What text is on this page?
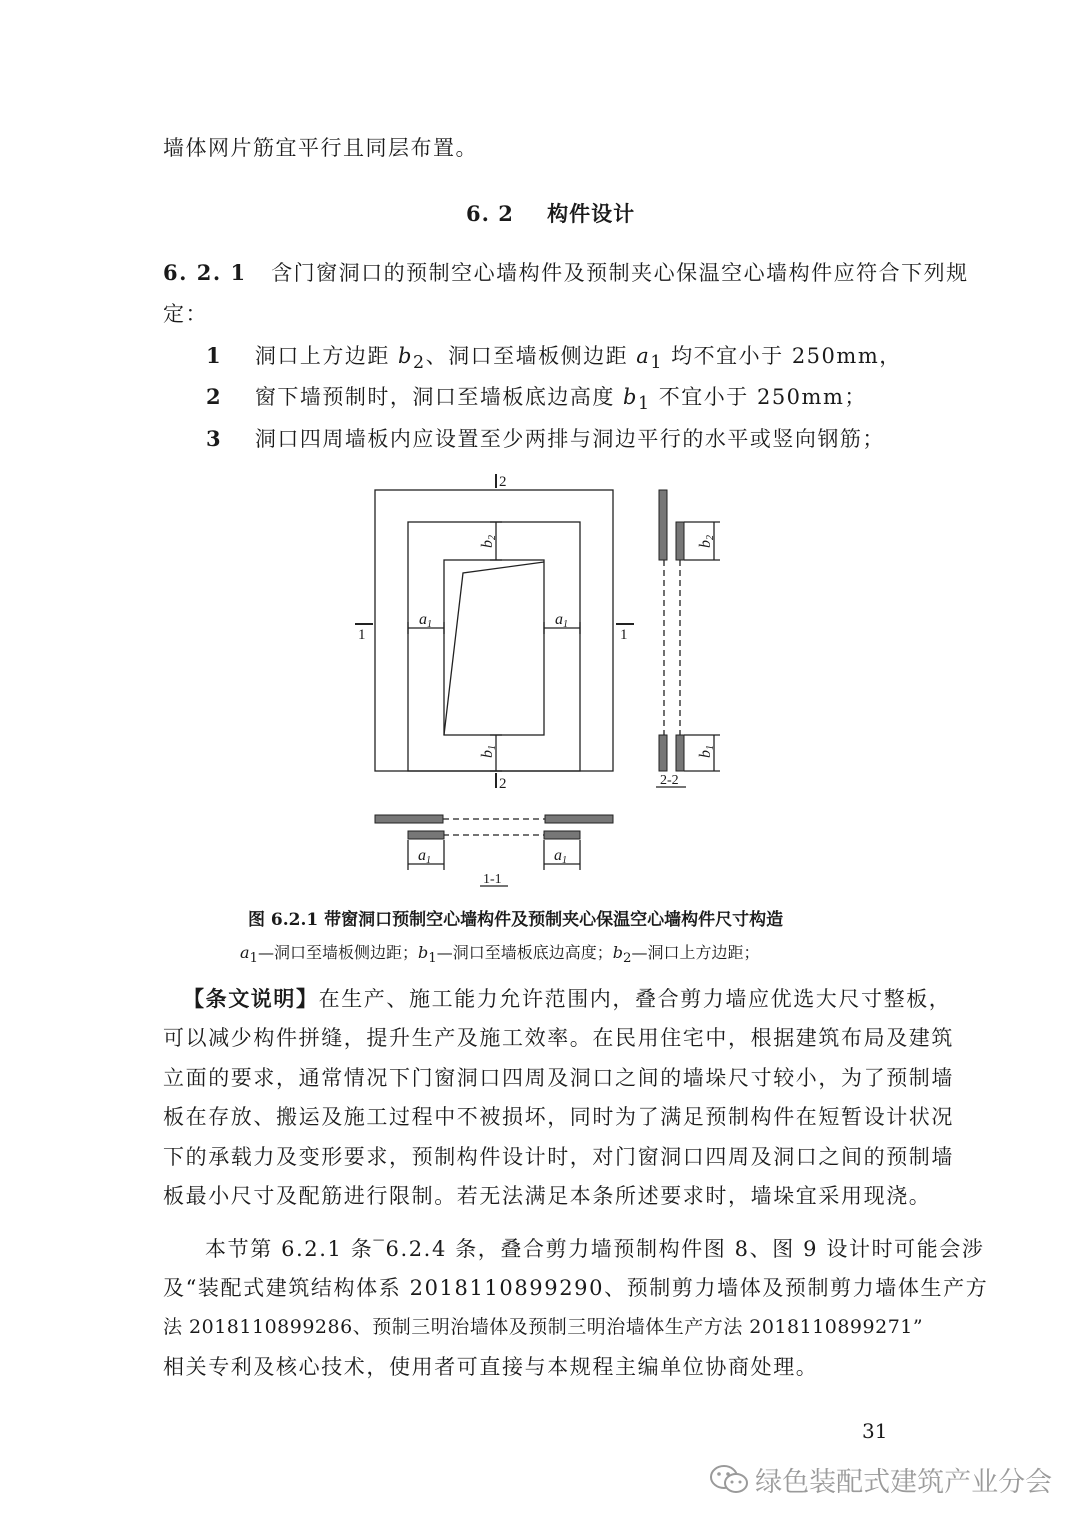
墙体网片筋宜平行且同层布置。
6. 2 构件设计
6. 2. 1 含门窗洞口的预制空心墙构件及预制夹心保温空心墙构件应符合下列规
定：
1 洞口上方边距 $b_2$、洞口至墙板侧边距 $a_1$ 均不宜小于 250mm，
2 窗下墙预制时，洞口至墙板底边高度 $b_1$ 不宜小于 250mm；
3 洞口四周墙板内应设置至少两排与洞边平行的水平或竖向钢筋；
2
2
1	1
a1	a1
b2
b1
b2
b1
a1	a1
2-2
1-1
图 6.2.1 带窗洞口预制空心墙构件及预制夹心保温空心墙构件尺寸构造
$a_1—$洞口至墙板侧边距；$b_1—$洞口至墙板底边高度；$b_2—$洞口上方边距；
【条文说明】在生产、施工能力允许范围内，叠合剪力墙应优选大尺寸整板，
可以减少构件拼缝，提升生产及施工效率。在民用住宅中，根据建筑布局及建筑
立面的要求，通常情况下门窗洞口四周及洞口之间的墙垛尺寸较小，为了预制墙
板在存放、搬运及施工过程中不被损坏，同时为了满足预制构件在短暂设计状况
下的承载力及变形要求，预制构件设计时，对门窗洞口四周及洞口之间的预制墙
板最小尺寸及配筋进行限制。若无法满足本条所述要求时，墙垛宜采用现浇。
本节第 6.2.1 条‾6.2.4 条，叠合剪力墙预制构件图 8、图 9 设计时可能会涉
及“装配式建筑结构体系 2018110899290、预制剪力墙体及预制剪力墙体生产方
法 2018110899286、预制三明治墙体及预制三明治墙体生产方法 2018110899271”
相关专利及核心技术，使用者可直接与本规程主编单位协商处理。
31
绿色装配式建筑产业分会
